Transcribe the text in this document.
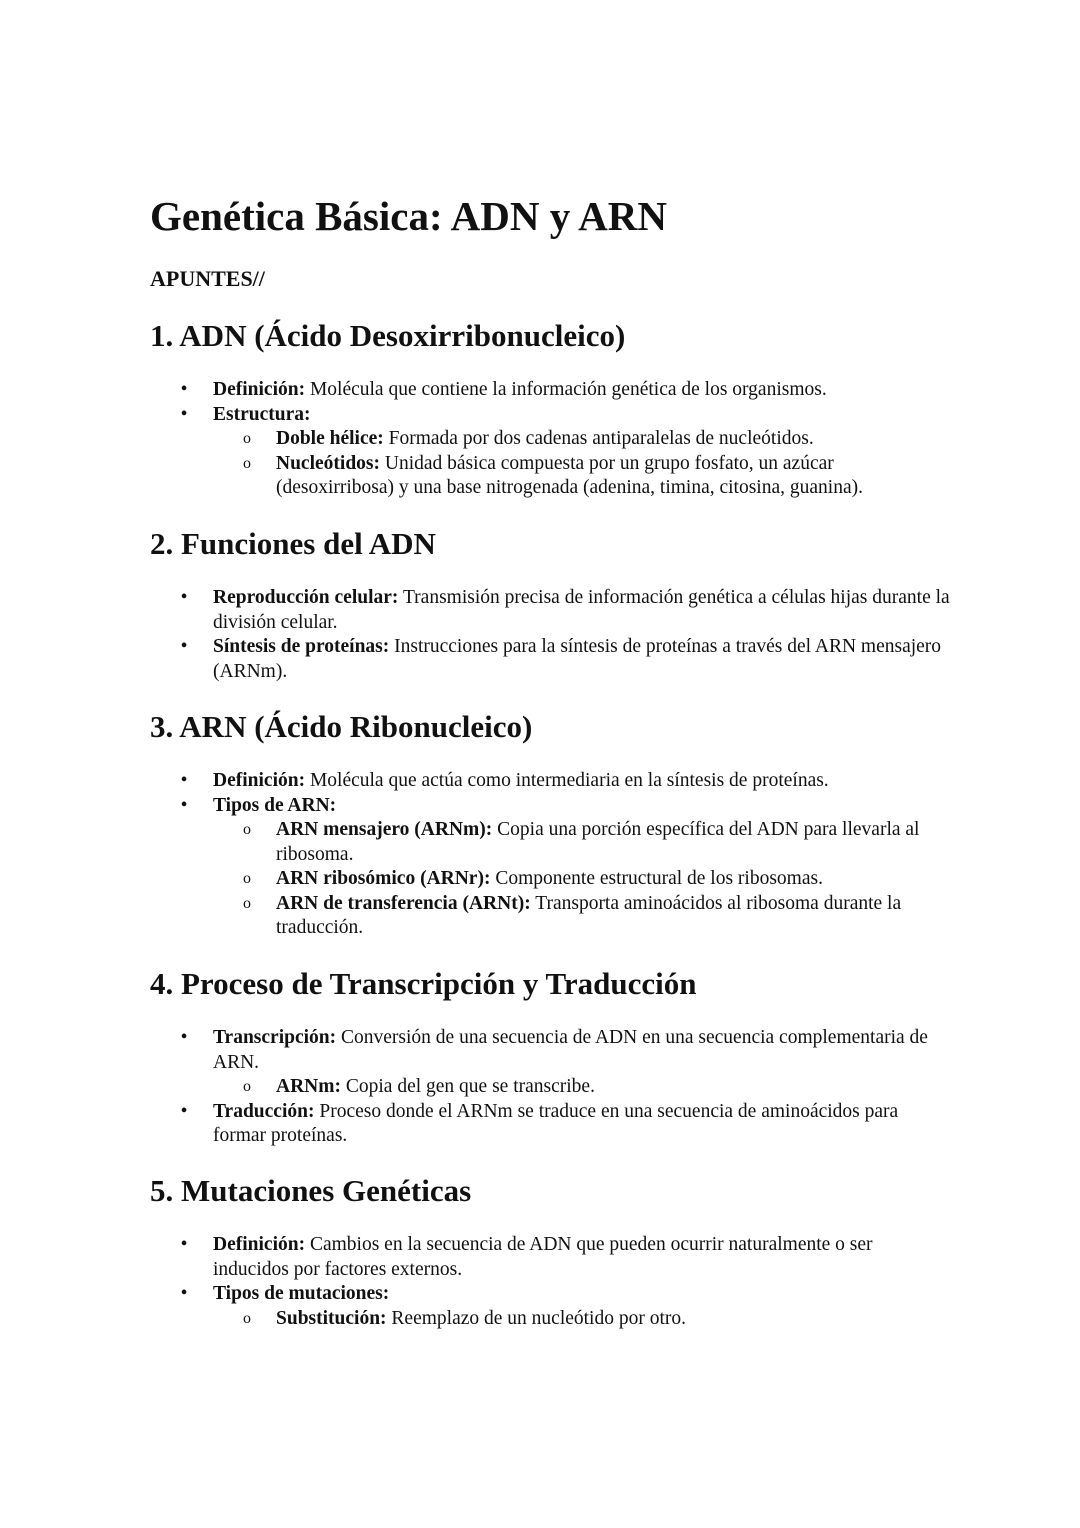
Genética Básica: ADN y ARN

APUNTES//

1. ADN (Ácido Desoxirribonucleico)
• Definición: Molécula que contiene la información genética de los organismos.
• Estructura:
o Doble hélice: Formada por dos cadenas antiparalelas de nucleótidos.
o Nucleótidos: Unidad básica compuesta por un grupo fosfato, un azúcar (desoxirribosa) y una base nitrogenada (adenina, timina, citosina, guanina).
2. Funciones del ADN
• Reproducción celular: Transmisión precisa de información genética a células hijas durante la división celular.
• Síntesis de proteínas: Instrucciones para la síntesis de proteínas a través del ARN mensajero (ARNm).
3. ARN (Ácido Ribonucleico)
• Definición: Molécula que actúa como intermediaria en la síntesis de proteínas.
• Tipos de ARN:
o ARN mensajero (ARNm): Copia una porción específica del ADN para llevarla al ribosoma.
o ARN ribosómico (ARNr): Componente estructural de los ribosomas.
o ARN de transferencia (ARNt): Transporta aminoácidos al ribosoma durante la traducción.
4. Proceso de Transcripción y Traducción
• Transcripción: Conversión de una secuencia de ADN en una secuencia complementaria de ARN.
o ARNm: Copia del gen que se transcribe.
• Traducción: Proceso donde el ARNm se traduce en una secuencia de aminoácidos para formar proteínas.
5. Mutaciones Genéticas
• Definición: Cambios en la secuencia de ADN que pueden ocurrir naturalmente o ser inducidos por factores externos.
• Tipos de mutaciones:
o Substitución: Reemplazo de un nucleótido por otro.
